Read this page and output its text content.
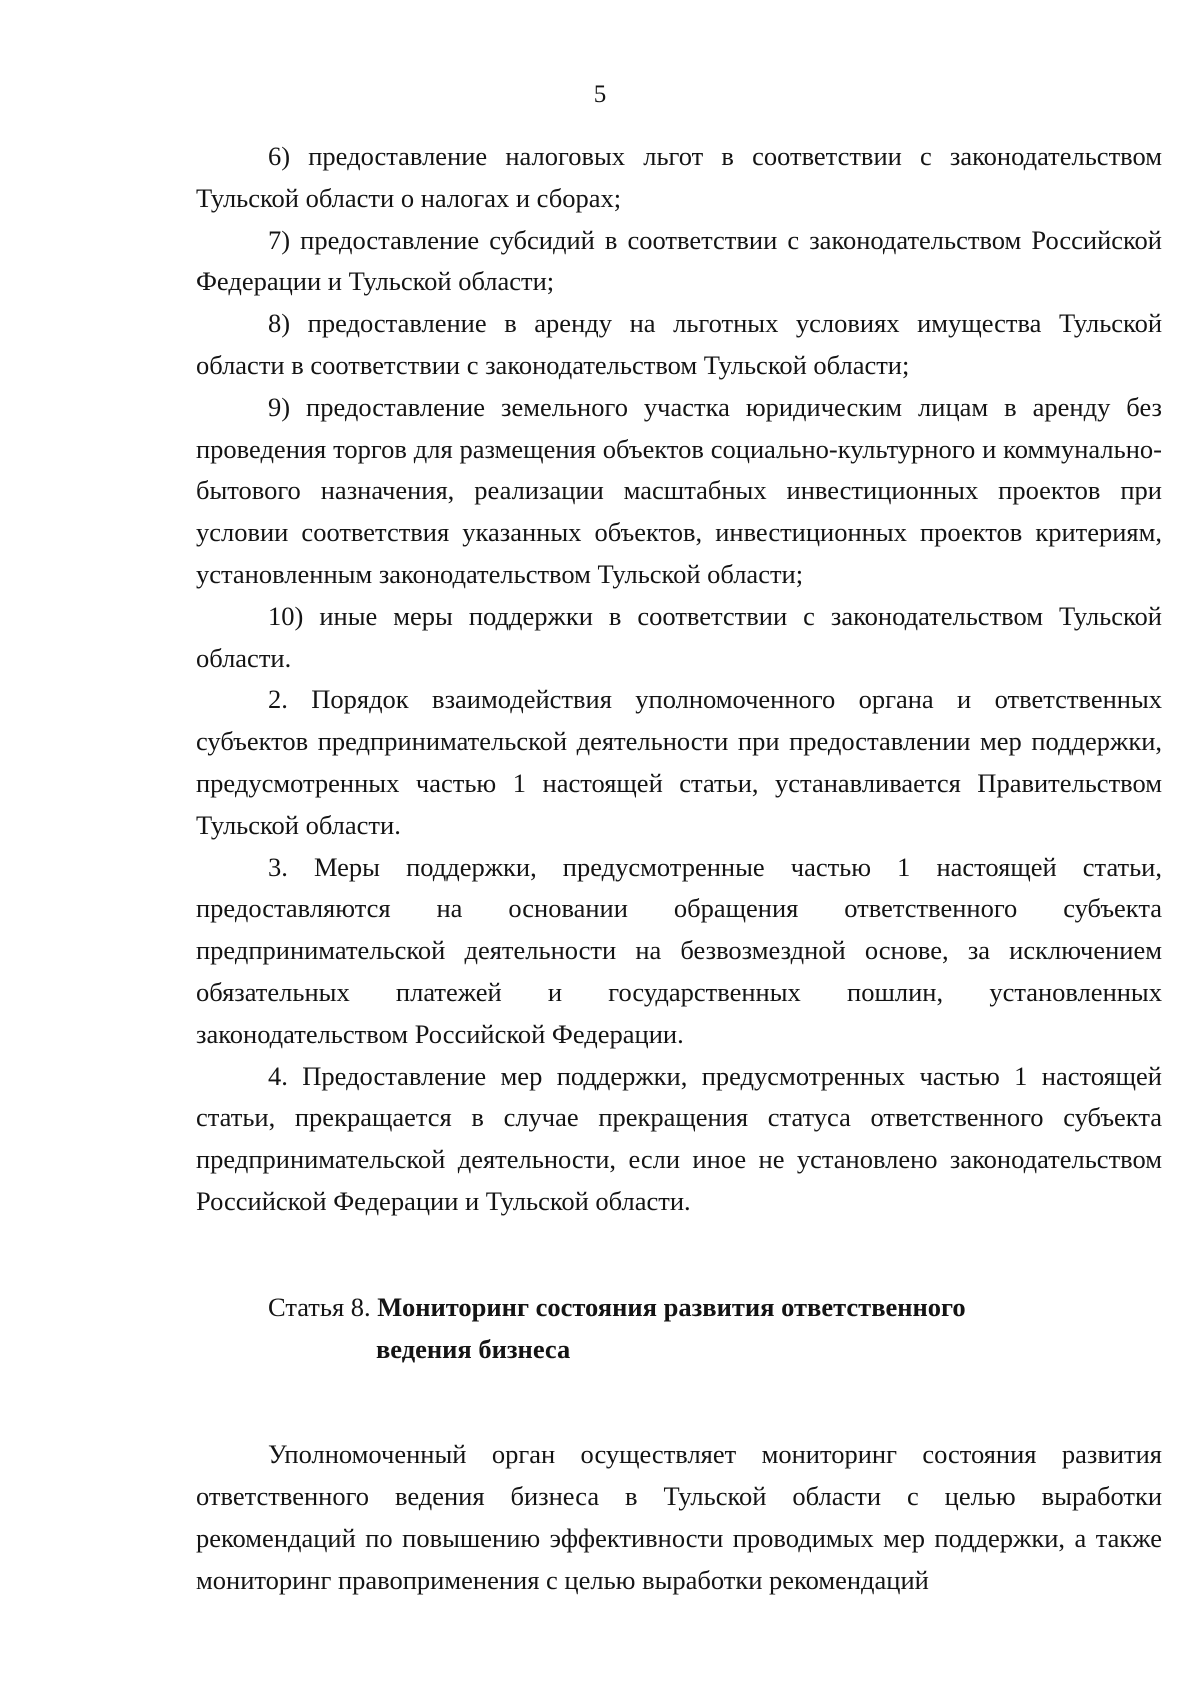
5

6) предоставление налоговых льгот в соответствии с законодательством Тульской области о налогах и сборах;

7) предоставление субсидий в соответствии с законодательством Российской Федерации и Тульской области;

8) предоставление в аренду на льготных условиях имущества Тульской области в соответствии с законодательством Тульской области;

9) предоставление земельного участка юридическим лицам в аренду без проведения торгов для размещения объектов социально-культурного и коммунально-бытового назначения, реализации масштабных инвестиционных проектов при условии соответствия указанных объектов, инвестиционных проектов критериям, установленным законодательством Тульской области;

10) иные меры поддержки в соответствии с законодательством Тульской области.

2. Порядок взаимодействия уполномоченного органа и ответственных субъектов предпринимательской деятельности при предоставлении мер поддержки, предусмотренных частью 1 настоящей статьи, устанавливается Правительством Тульской области.

3. Меры поддержки, предусмотренные частью 1 настоящей статьи, предоставляются на основании обращения ответственного субъекта предпринимательской деятельности на безвозмездной основе, за исключением обязательных платежей и государственных пошлин, установленных законодательством Российской Федерации.

4. Предоставление мер поддержки, предусмотренных частью 1 настоящей статьи, прекращается в случае прекращения статуса ответственного субъекта предпринимательской деятельности, если иное не установлено законодательством Российской Федерации и Тульской области.

Статья 8. Мониторинг состояния развития ответственного
ведения бизнеса

Уполномоченный орган осуществляет мониторинг состояния развития ответственного ведения бизнеса в Тульской области с целью выработки рекомендаций по повышению эффективности проводимых мер поддержки, а также мониторинг правоприменения с целью выработки рекомендаций
